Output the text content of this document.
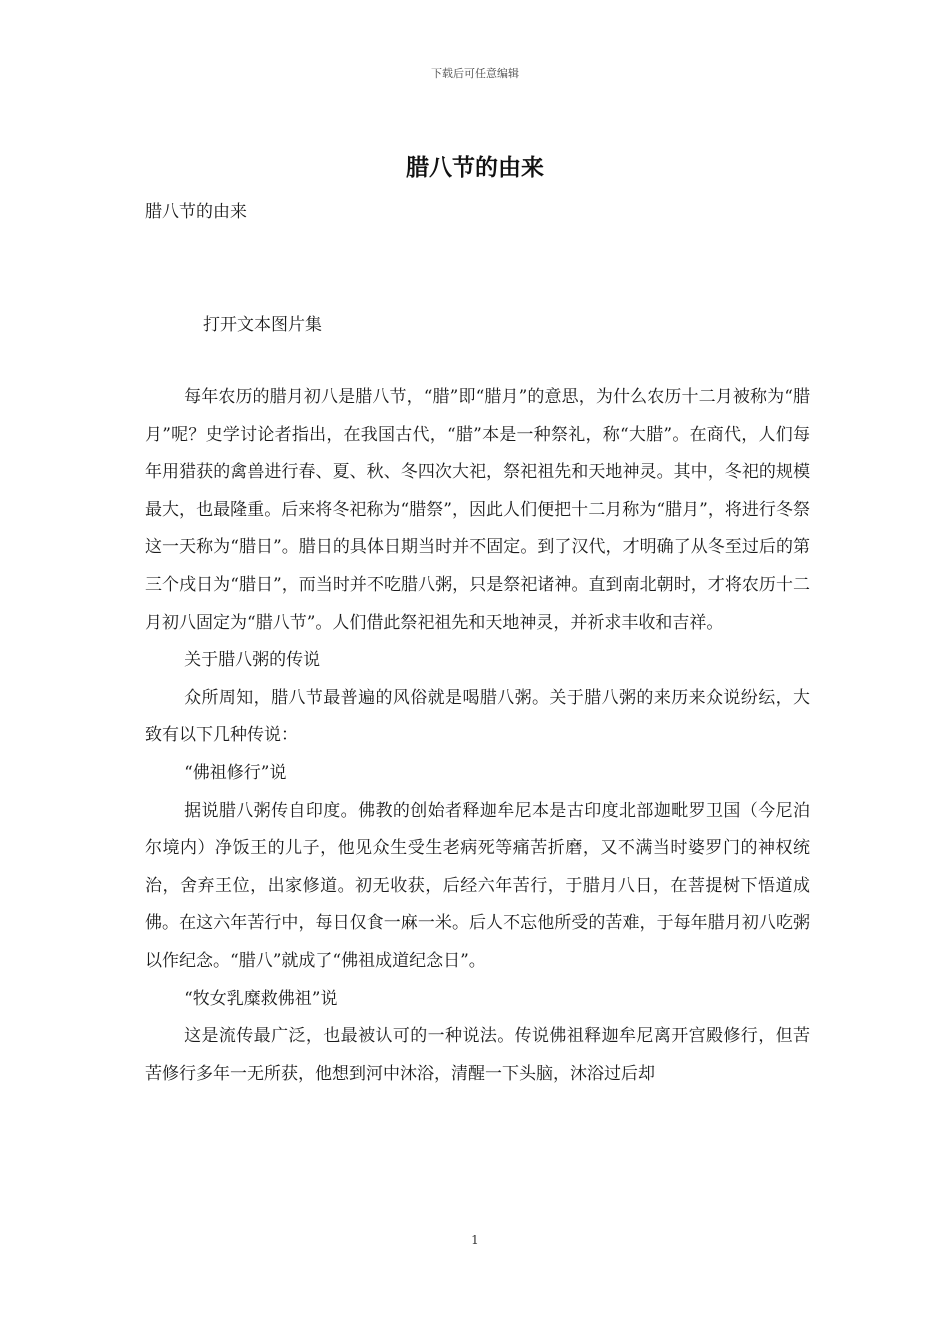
下载后可任意编辑
腊八节的由来
腊八节的由来
打开文本图片集

每年农历的腊月初八是腊八节，“腊”即“腊月”的意思，为什么农历十二月被称为“腊月”呢？史学讨论者指出，在我国古代，“腊”本是一种祭礼，称“大腊”。在商代，人们每年用猎获的禽兽进行春、夏、秋、冬四次大祀，祭祀祖先和天地神灵。其中，冬祀的规模最大，也最隆重。后来将冬祀称为“腊祭”，因此人们便把十二月称为“腊月”，将进行冬祭这一天称为“腊日”。腊日的具体日期当时并不固定。到了汉代，才明确了从冬至过后的第三个戌日为“腊日”，而当时并不吃腊八粥，只是祭祀诸神。直到南北朝时，才将农历十二月初八固定为“腊八节”。人们借此祭祀祖先和天地神灵，并祈求丰收和吉祥。

关于腊八粥的传说

众所周知，腊八节最普遍的风俗就是喝腊八粥。关于腊八粥的来历来众说纷纭，大致有以下几种传说：

“佛祖修行”说

据说腊八粥传自印度。佛教的创始者释迦牟尼本是古印度北部迦毗罗卫国（今尼泊尔境内）净饭王的儿子，他见众生受生老病死等痛苦折磨，又不满当时婆罗门的神权统治，舍弃王位，出家修道。初无收获，后经六年苦行，于腊月八日，在菩提树下悟道成佛。在这六年苦行中，每日仅食一麻一米。后人不忘他所受的苦难，于每年腊月初八吃粥以作纪念。“腊八”就成了“佛祖成道纪念日”。

“牧女乳糜救佛祖”说

这是流传最广泛，也最被认可的一种说法。传说佛祖释迦牟尼离开宫殿修行，但苦苦修行多年一无所获，他想到河中沐浴，清醒一下头脑，沐浴过后却

1
